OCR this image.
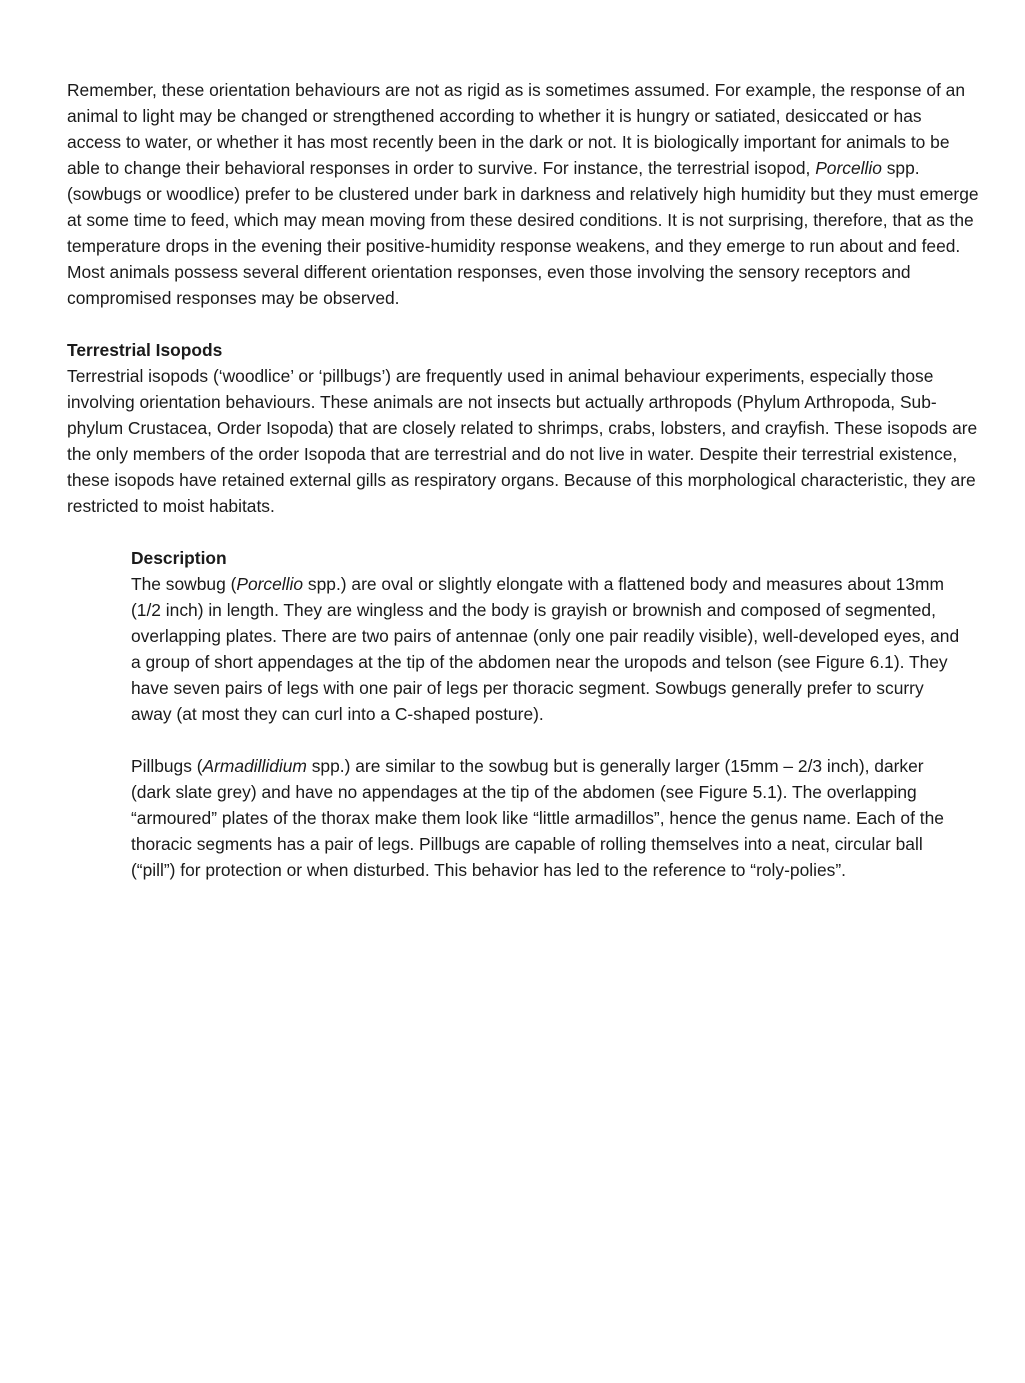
Remember, these orientation behaviours are not as rigid as is sometimes assumed. For example, the response of an animal to light may be changed or strengthened according to whether it is hungry or satiated, desiccated or has access to water, or whether it has most recently been in the dark or not. It is biologically important for animals to be able to change their behavioral responses in order to survive. For instance, the terrestrial isopod, Porcellio spp. (sowbugs or woodlice) prefer to be clustered under bark in darkness and relatively high humidity but they must emerge at some time to feed, which may mean moving from these desired conditions. It is not surprising, therefore, that as the temperature drops in the evening their positive-humidity response weakens, and they emerge to run about and feed. Most animals possess several different orientation responses, even those involving the sensory receptors and compromised responses may be observed.

Terrestrial Isopods

Terrestrial isopods (‘woodlice’ or ‘pillbugs’) are frequently used in animal behaviour experiments, especially those involving orientation behaviours. These animals are not insects but actually arthropods (Phylum Arthropoda, Sub-phylum Crustacea, Order Isopoda) that are closely related to shrimps, crabs, lobsters, and crayfish. These isopods are the only members of the order Isopoda that are terrestrial and do not live in water. Despite their terrestrial existence, these isopods have retained external gills as respiratory organs. Because of this morphological characteristic, they are restricted to moist habitats.

Description

The sowbug (Porcellio spp.) are oval or slightly elongate with a flattened body and measures about 13mm (1/2 inch) in length. They are wingless and the body is grayish or brownish and composed of segmented, overlapping plates. There are two pairs of antennae (only one pair readily visible), well-developed eyes, and a group of short appendages at the tip of the abdomen near the uropods and telson (see Figure 6.1). They have seven pairs of legs with one pair of legs per thoracic segment. Sowbugs generally prefer to scurry away (at most they can curl into a C-shaped posture).

Pillbugs (Armadillidium spp.) are similar to the sowbug but is generally larger (15mm – 2/3 inch), darker (dark slate grey) and have no appendages at the tip of the abdomen (see Figure 5.1). The overlapping “armoured” plates of the thorax make them look like “little armadillos”, hence the genus name. Each of the thoracic segments has a pair of legs. Pillbugs are capable of rolling themselves into a neat, circular ball (“pill”) for protection or when disturbed. This behavior has led to the reference to “roly-polies”.
